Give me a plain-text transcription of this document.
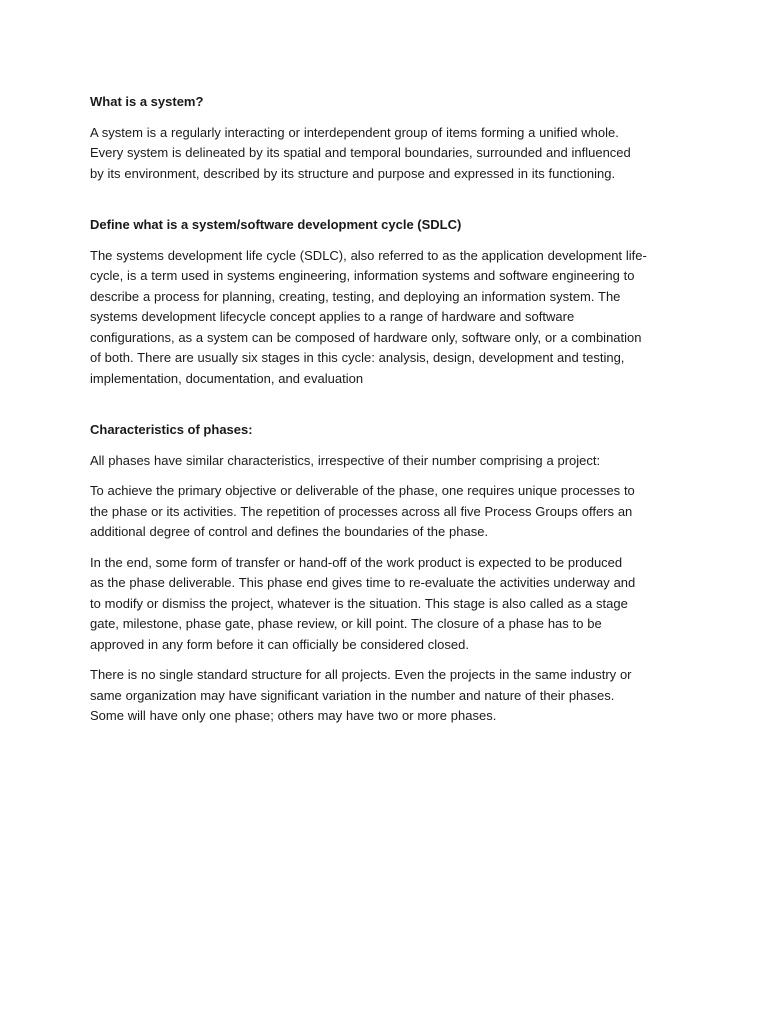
What is a system?
A system is a regularly interacting or interdependent group of items forming a unified whole.
Every system is delineated by its spatial and temporal boundaries, surrounded and influenced
by its environment, described by its structure and purpose and expressed in its functioning.
Define what is a system/software development cycle (SDLC)
The systems development life cycle (SDLC), also referred to as the application development life-
cycle, is a term used in systems engineering, information systems and software engineering to
describe a process for planning, creating, testing, and deploying an information system. The
systems development lifecycle concept applies to a range of hardware and software
configurations, as a system can be composed of hardware only, software only, or a combination
of both. There are usually six stages in this cycle: analysis, design, development and testing,
implementation, documentation, and evaluation
Characteristics of phases:
All phases have similar characteristics, irrespective of their number comprising a project:
To achieve the primary objective or deliverable of the phase, one requires unique processes to
the phase or its activities. The repetition of processes across all five Process Groups offers an
additional degree of control and defines the boundaries of the phase.
In the end, some form of transfer or hand-off of the work product is expected to be produced
as the phase deliverable. This phase end gives time to re-evaluate the activities underway and
to modify or dismiss the project, whatever is the situation. This stage is also called as a stage
gate, milestone, phase gate, phase review, or kill point. The closure of a phase has to be
approved in any form before it can officially be considered closed.
There is no single standard structure for all projects. Even the projects in the same industry or
same organization may have significant variation in the number and nature of their phases.
Some will have only one phase; others may have two or more phases.
